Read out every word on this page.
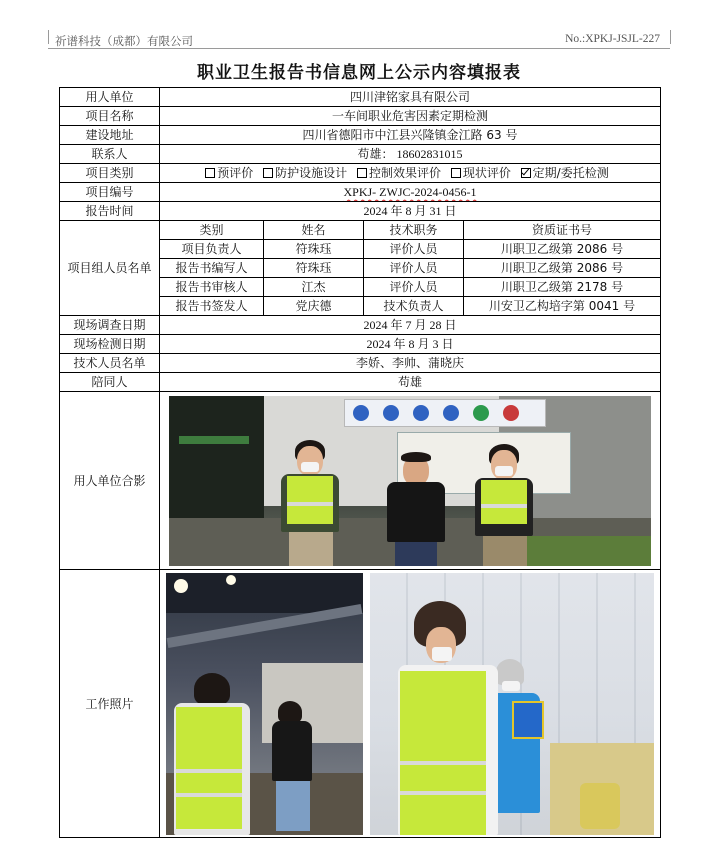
祈谱科技（成都）有限公司	No.:XPKJ-JSJL-227
职业卫生报告书信息网上公示内容填报表
用人单位	四川津铭家具有限公司			
项目名称	一车间职业危害因素定期检测			
建设地址	四川省德阳市中江县兴隆镇金江路 63 号			
联系人	苟雄： 18602831015			
项目类别	预评价 防护设施设计 控制效果评价 现状评价 定期/委托检测			
项目编号	XPKJ- ZWJC-2024-0456-1			
报告时间	2024 年 8 月 31 日			
项目组人员名单	类别	姓名	技术职务	资质证书号
	项目负责人	符珠珏	评价人员	川职卫乙级第 2086 号
	报告书编写人	符珠珏	评价人员	川职卫乙级第 2086 号
	报告书审核人	江杰	评价人员	川职卫乙级第 2178 号
	报告书签发人	党庆德	技术负责人	川安卫乙构培字第 0041 号
现场调查日期	2024 年 7 月 28 日			
现场检测日期	2024 年 8 月 3 日			
技术人员名单	李娇、李帅、蒲晓庆			
陪同人	苟雄			
用人单位合影				

工作照片				
